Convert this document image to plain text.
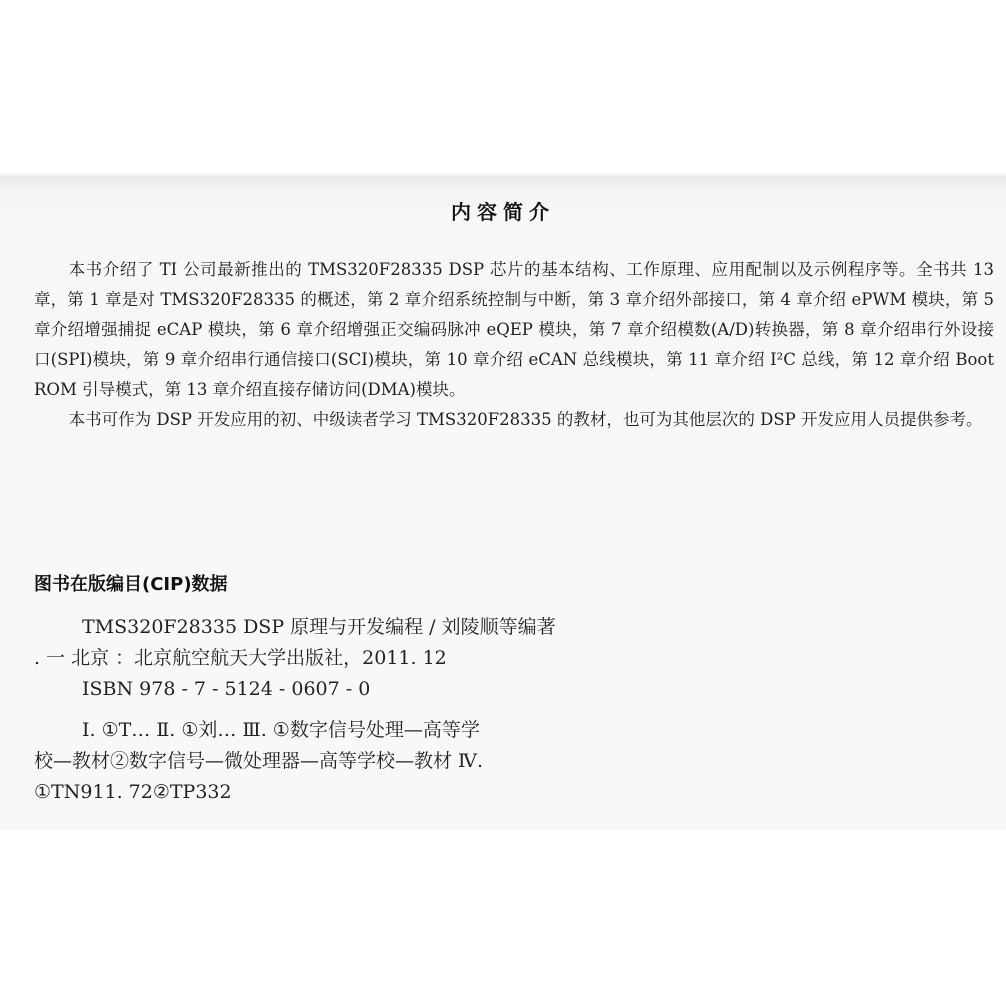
内容简介

本书介绍了 TI 公司最新推出的 TMS320F28335 DSP 芯片的基本结构、工作原理、应用配制以及示例程序等。全书共 13 章，第 1 章是对 TMS320F28335 的概述，第 2 章介绍系统控制与中断，第 3 章介绍外部接口，第 4 章介绍 ePWM 模块，第 5 章介绍增强捕捉 eCAP 模块，第 6 章介绍增强正交编码脉冲 eQEP 模块，第 7 章介绍模数(A/D)转换器，第 8 章介绍串行外设接口(SPI)模块，第 9 章介绍串行通信接口(SCI)模块，第 10 章介绍 eCAN 总线模块，第 11 章介绍 I²C 总线，第 12 章介绍 Boot ROM 引导模式，第 13 章介绍直接存储访问(DMA)模块。

本书可作为 DSP 开发应用的初、中级读者学习 TMS320F28335 的教材，也可为其他层次的 DSP 开发应用人员提供参考。

图书在版编目(CIP)数据
TMS320F28335 DSP 原理与开发编程 / 刘陵顺等编著
. 一 北京 ：北京航空航天大学出版社，2011. 12
ISBN 978 - 7 - 5124 - 0607 - 0
Ⅰ. ①T… Ⅱ. ①刘… Ⅲ. ①数字信号处理—高等学
校—教材②数字信号—微处理器—高等学校—教材 Ⅳ.
①TN911. 72②TP332
